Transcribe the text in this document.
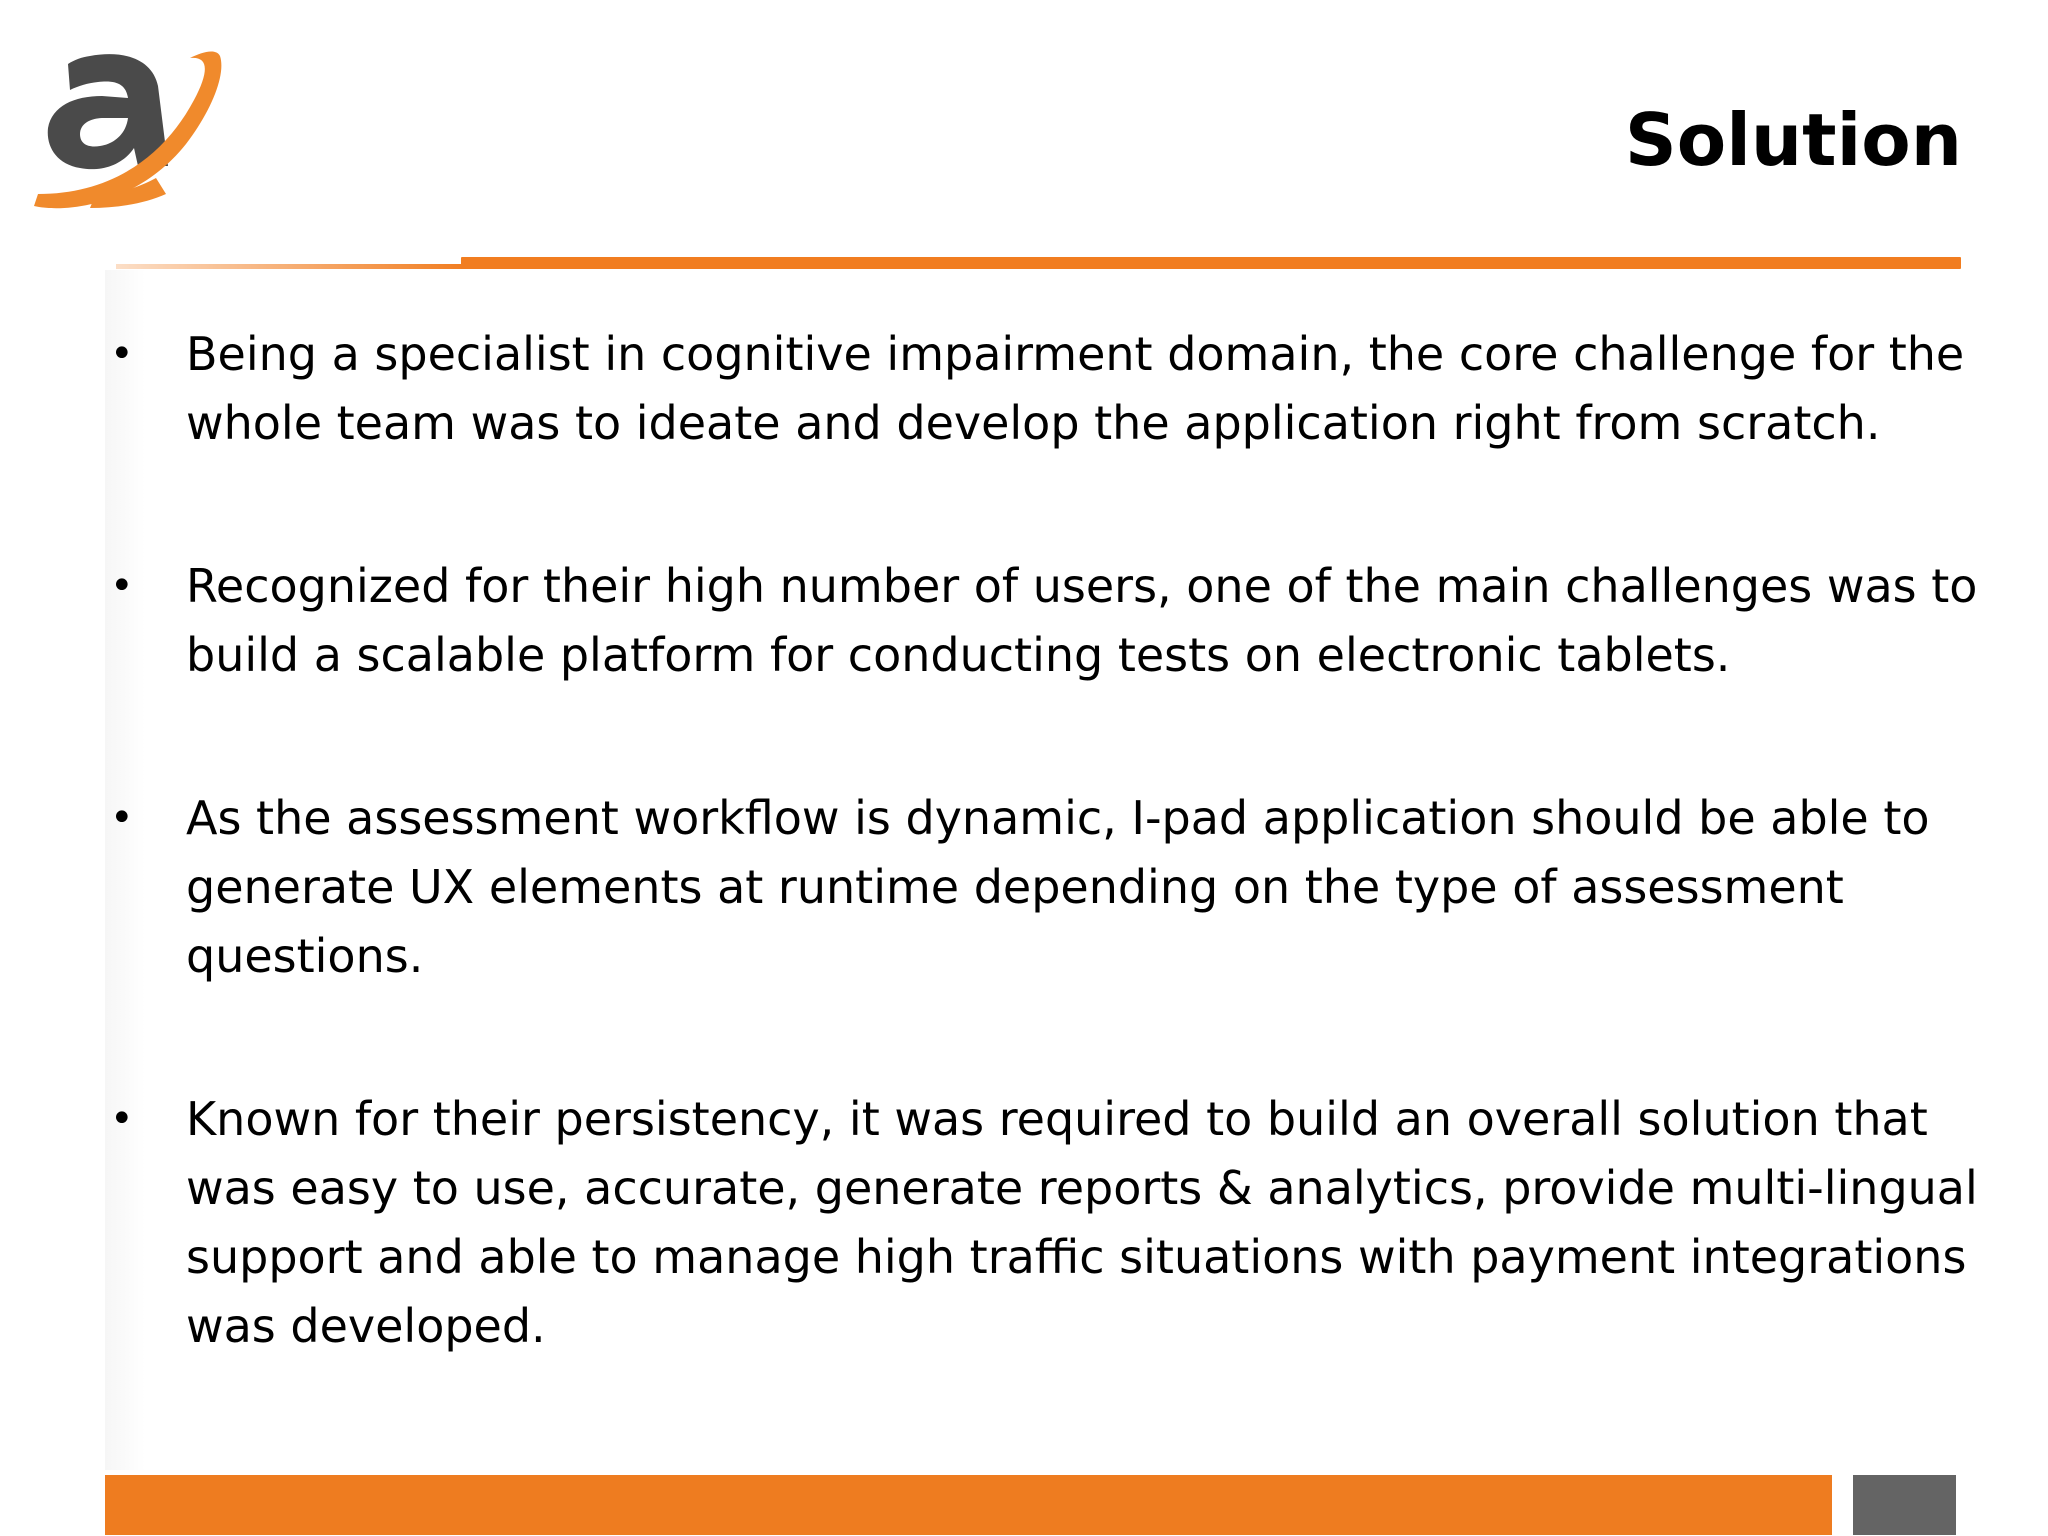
Solution
• Being a specialist in cognitive impairment domain, the core challenge for the whole team was to ideate and develop the application right from scratch.
• Recognized for their high number of users, one of the main challenges was to build a scalable platform for conducting tests on electronic tablets.
• As the assessment workflow is dynamic, I-pad application should be able to generate UX elements at runtime depending on the type of assessment questions.
• Known for their persistency, it was required to build an overall solution that was easy to use, accurate, generate reports & analytics, provide multi-lingual support and able to manage high traffic situations with payment integrations was developed.
